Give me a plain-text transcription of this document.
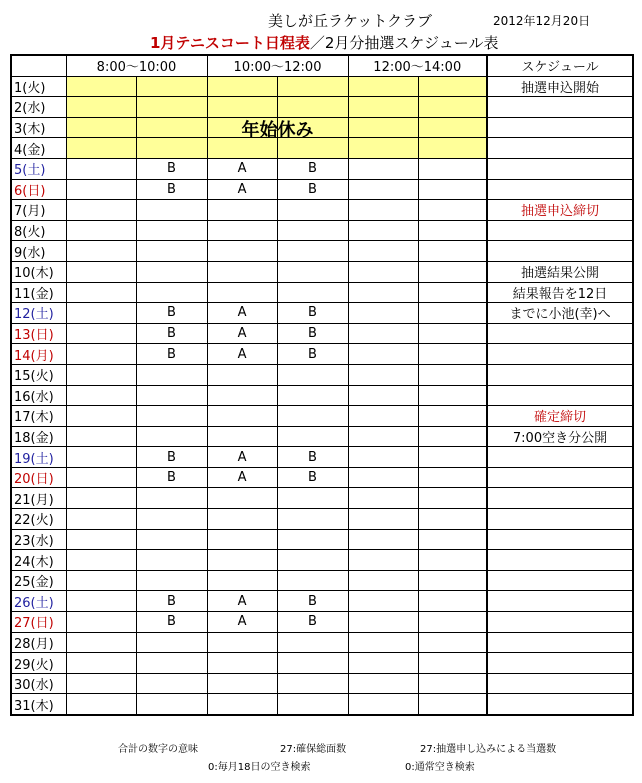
美しが丘ラケットクラブ	2012年12月20日
1月テニスコート日程表／2月分抽選スケジュール表
	8:00～10:00		10:00～12:00		12:00～14:00		スケジュール
1(火)							抽選申込開始
2(水)							
3(木)							
4(金)							
5(土)		B	A	B			
6(日)		B	A	B			
7(月)							抽選申込締切
8(火)							
9(水)							
10(木)							抽選結果公開
11(金)							結果報告を12日
12(土)		B	A	B			までに小池(幸)へ
13(日)		B	A	B			
14(月)		B	A	B			
15(火)							
16(水)							
17(木)							確定締切
18(金)							7:00空き分公開
19(土)		B	A	B			
20(日)		B	A	B			
21(月)							
22(火)							
23(水)							
24(木)							
25(金)							
26(土)		B	A	B			
27(日)		B	A	B			
28(月)							
29(火)							
30(水)							
31(木)							
年始休み
合計の数字の意味	27:確保総面数	27:抽選申し込みによる当選数
0:毎月18日の空き検索	0:通常空き検索
